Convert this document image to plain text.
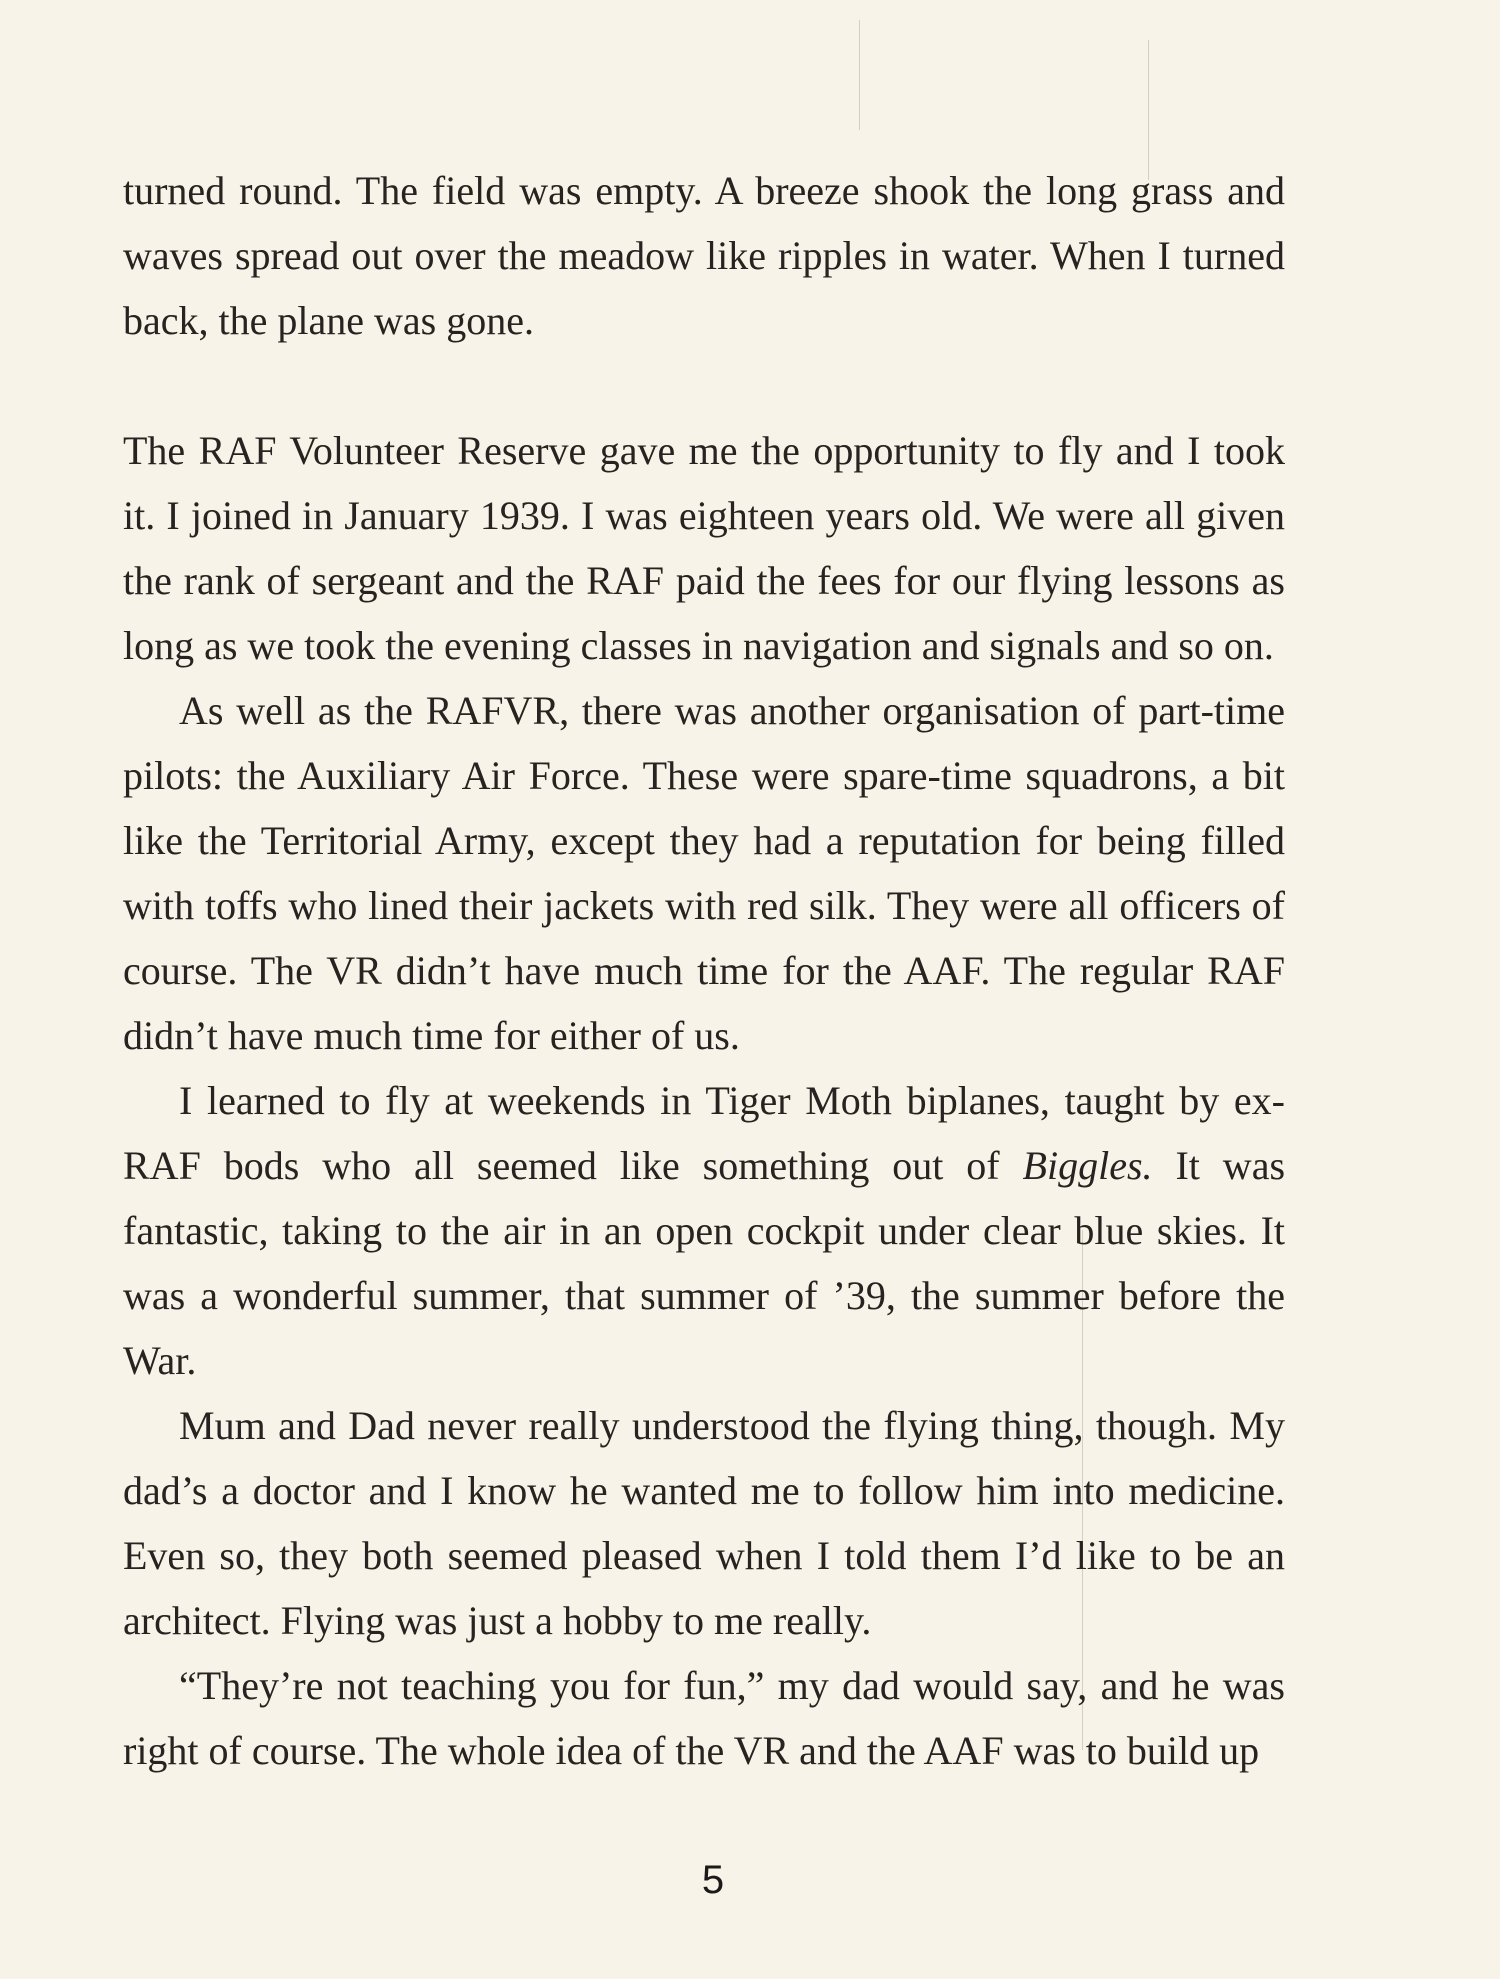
turned round. The field was empty. A breeze shook the long grass and waves spread out over the meadow like ripples in water. When I turned back, the plane was gone.

The RAF Volunteer Reserve gave me the opportunity to fly and I took it. I joined in January 1939. I was eighteen years old. We were all given the rank of sergeant and the RAF paid the fees for our flying lessons as long as we took the evening classes in navigation and signals and so on.

As well as the RAFVR, there was another organisation of part-time pilots: the Auxiliary Air Force. These were spare-time squadrons, a bit like the Territorial Army, except they had a reputation for being filled with toffs who lined their jackets with red silk. They were all officers of course. The VR didn’t have much time for the AAF. The regular RAF didn’t have much time for either of us.

I learned to fly at weekends in Tiger Moth biplanes, taught by ex-RAF bods who all seemed like something out of Biggles. It was fantastic, taking to the air in an open cockpit under clear blue skies. It was a wonderful summer, that summer of ’39, the summer before the War.

Mum and Dad never really understood the flying thing, though. My dad’s a doctor and I know he wanted me to follow him into medicine. Even so, they both seemed pleased when I told them I’d like to be an architect. Flying was just a hobby to me really.

“They’re not teaching you for fun,” my dad would say, and he was right of course. The whole idea of the VR and the AAF was to build up

5
